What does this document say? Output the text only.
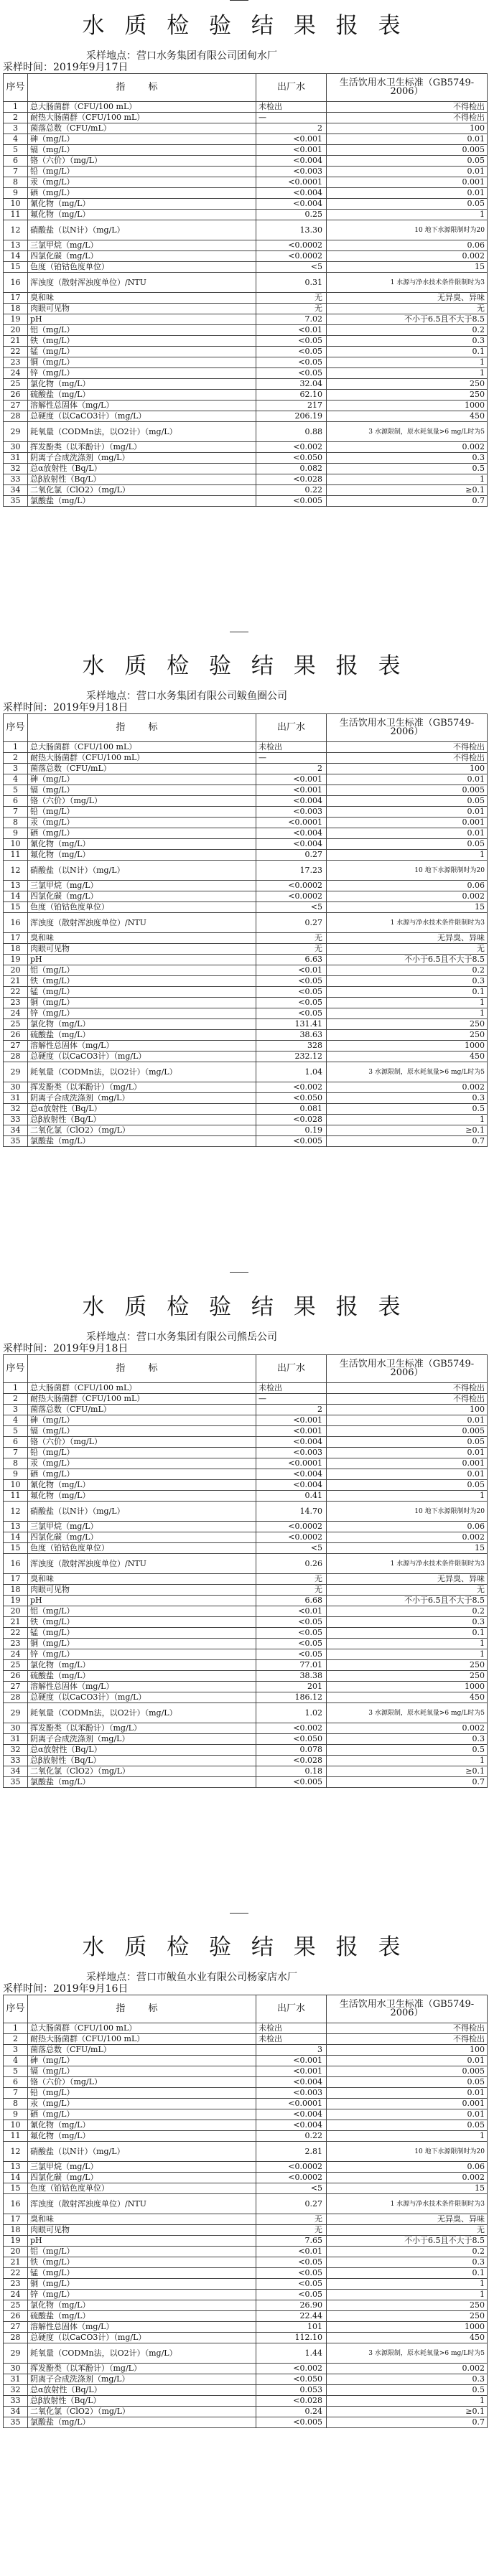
水 质 检 验 结 果 报 表
采样地点：营口水务集团有限公司团甸水厂
采样时间：2019年9月17日
序号	指 标	出厂水	生活饮用水卫生标准（GB5749-2006）
1	总大肠菌群（CFU/100 mL）	未检出	不得检出
2	耐热大肠菌群（CFU/100 mL）	—	不得检出
3	菌落总数（CFU/mL）	2	100
4	砷（mg/L）	<0.001	0.01
5	镉（mg/L）	<0.001	0.005
6	铬（六价）（mg/L）	<0.004	0.05
7	铅（mg/L）	<0.003	0.01
8	汞（mg/L）	<0.0001	0.001
9	硒（mg/L）	<0.004	0.01
10	氰化物（mg/L）	<0.004	0.05
11	氟化物（mg/L）	0.25	1
12	硝酸盐（以N计）（mg/L）	13.30	10 地下水源限制时为20
13	三氯甲烷（mg/L）	<0.0002	0.06
14	四氯化碳（mg/L）	<0.0002	0.002
15	色度（铂钴色度单位）	<5	15
16	浑浊度（散射浑浊度单位）/NTU	0.31	1 水源与净水技术条件限制时为3
17	臭和味	无	无异臭、异味
18	肉眼可见物	无	无
19	pH	7.02	不小于6.5且不大于8.5
20	铝（mg/L）	<0.01	0.2
21	铁（mg/L）	<0.05	0.3
22	锰（mg/L）	<0.05	0.1
23	铜（mg/L）	<0.05	1
24	锌（mg/L）	<0.05	1
25	氯化物（mg/L）	32.04	250
26	硫酸盐（mg/L）	62.10	250
27	溶解性总固体（mg/L）	217	1000
28	总硬度（以CaCO3计）（mg/L）	206.19	450
29	耗氧量（CODMn法，以O2计）（mg/L）	0.88	3 水源限制，原水耗氧量>6 mg/L时为5
30	挥发酚类（以苯酚计）（mg/L）	<0.002	0.002
31	阴离子合成洗涤剂（mg/L）	<0.050	0.3
32	总α放射性（Bq/L）	0.082	0.5
33	总β放射性（Bq/L）	<0.028	1
34	二氧化氯（ClO2）（mg/L）	0.22	≥0.1
35	氯酸盐（mg/L）	<0.005	0.7
水 质 检 验 结 果 报 表
采样地点：营口水务集团有限公司鲅鱼圈公司
采样时间：2019年9月18日
序号	指 标	出厂水	生活饮用水卫生标准（GB5749-2006）
1	总大肠菌群（CFU/100 mL）	未检出	不得检出
2	耐热大肠菌群（CFU/100 mL）	—	不得检出
3	菌落总数（CFU/mL）	2	100
4	砷（mg/L）	<0.001	0.01
5	镉（mg/L）	<0.001	0.005
6	铬（六价）（mg/L）	<0.004	0.05
7	铅（mg/L）	<0.003	0.01
8	汞（mg/L）	<0.0001	0.001
9	硒（mg/L）	<0.004	0.01
10	氰化物（mg/L）	<0.004	0.05
11	氟化物（mg/L）	0.27	1
12	硝酸盐（以N计）（mg/L）	17.23	10 地下水源限制时为20
13	三氯甲烷（mg/L）	<0.0002	0.06
14	四氯化碳（mg/L）	<0.0002	0.002
15	色度（铂钴色度单位）	<5	15
16	浑浊度（散射浑浊度单位）/NTU	0.27	1 水源与净水技术条件限制时为3
17	臭和味	无	无异臭、异味
18	肉眼可见物	无	无
19	pH	6.63	不小于6.5且不大于8.5
20	铝（mg/L）	<0.01	0.2
21	铁（mg/L）	<0.05	0.3
22	锰（mg/L）	<0.05	0.1
23	铜（mg/L）	<0.05	1
24	锌（mg/L）	<0.05	1
25	氯化物（mg/L）	131.41	250
26	硫酸盐（mg/L）	38.63	250
27	溶解性总固体（mg/L）	328	1000
28	总硬度（以CaCO3计）（mg/L）	232.12	450
29	耗氧量（CODMn法，以O2计）（mg/L）	1.04	3 水源限制，原水耗氧量>6 mg/L时为5
30	挥发酚类（以苯酚计）（mg/L）	<0.002	0.002
31	阴离子合成洗涤剂（mg/L）	<0.050	0.3
32	总α放射性（Bq/L）	0.081	0.5
33	总β放射性（Bq/L）	<0.028	1
34	二氧化氯（ClO2）（mg/L）	0.19	≥0.1
35	氯酸盐（mg/L）	<0.005	0.7
水 质 检 验 结 果 报 表
采样地点：营口水务集团有限公司熊岳公司
采样时间：2019年9月18日
序号	指 标	出厂水	生活饮用水卫生标准（GB5749-2006）
1	总大肠菌群（CFU/100 mL）	未检出	不得检出
2	耐热大肠菌群（CFU/100 mL）	—	不得检出
3	菌落总数（CFU/mL）	2	100
4	砷（mg/L）	<0.001	0.01
5	镉（mg/L）	<0.001	0.005
6	铬（六价）（mg/L）	<0.004	0.05
7	铅（mg/L）	<0.003	0.01
8	汞（mg/L）	<0.0001	0.001
9	硒（mg/L）	<0.004	0.01
10	氰化物（mg/L）	<0.004	0.05
11	氟化物（mg/L）	0.41	1
12	硝酸盐（以N计）（mg/L）	14.70	10 地下水源限制时为20
13	三氯甲烷（mg/L）	<0.0002	0.06
14	四氯化碳（mg/L）	<0.0002	0.002
15	色度（铂钴色度单位）	<5	15
16	浑浊度（散射浑浊度单位）/NTU	0.26	1 水源与净水技术条件限制时为3
17	臭和味	无	无异臭、异味
18	肉眼可见物	无	无
19	pH	6.68	不小于6.5且不大于8.5
20	铝（mg/L）	<0.01	0.2
21	铁（mg/L）	<0.05	0.3
22	锰（mg/L）	<0.05	0.1
23	铜（mg/L）	<0.05	1
24	锌（mg/L）	<0.05	1
25	氯化物（mg/L）	77.01	250
26	硫酸盐（mg/L）	38.38	250
27	溶解性总固体（mg/L）	201	1000
28	总硬度（以CaCO3计）（mg/L）	186.12	450
29	耗氧量（CODMn法，以O2计）（mg/L）	1.02	3 水源限制，原水耗氧量>6 mg/L时为5
30	挥发酚类（以苯酚计）（mg/L）	<0.002	0.002
31	阴离子合成洗涤剂（mg/L）	<0.050	0.3
32	总α放射性（Bq/L）	0.078	0.5
33	总β放射性（Bq/L）	<0.028	1
34	二氧化氯（ClO2）（mg/L）	0.18	≥0.1
35	氯酸盐（mg/L）	<0.005	0.7
水 质 检 验 结 果 报 表
采样地点：营口市鲅鱼水业有限公司杨家店水厂
采样时间：2019年9月16日
序号	指 标	出厂水	生活饮用水卫生标准（GB5749-2006）
1	总大肠菌群（CFU/100 mL）	未检出	不得检出
2	耐热大肠菌群（CFU/100 mL）	未检出	不得检出
3	菌落总数（CFU/mL）	3	100
4	砷（mg/L）	<0.001	0.01
5	镉（mg/L）	<0.001	0.005
6	铬（六价）（mg/L）	<0.004	0.05
7	铅（mg/L）	<0.003	0.01
8	汞（mg/L）	<0.0001	0.001
9	硒（mg/L）	<0.004	0.01
10	氰化物（mg/L）	<0.004	0.05
11	氟化物（mg/L）	0.22	1
12	硝酸盐（以N计）（mg/L）	2.81	10 地下水源限制时为20
13	三氯甲烷（mg/L）	<0.0002	0.06
14	四氯化碳（mg/L）	<0.0002	0.002
15	色度（铂钴色度单位）	<5	15
16	浑浊度（散射浑浊度单位）/NTU	0.27	1 水源与净水技术条件限制时为3
17	臭和味	无	无异臭、异味
18	肉眼可见物	无	无
19	pH	7.65	不小于6.5且不大于8.5
20	铝（mg/L）	<0.01	0.2
21	铁（mg/L）	<0.05	0.3
22	锰（mg/L）	<0.05	0.1
23	铜（mg/L）	<0.05	1
24	锌（mg/L）	<0.05	1
25	氯化物（mg/L）	26.90	250
26	硫酸盐（mg/L）	22.44	250
27	溶解性总固体（mg/L）	101	1000
28	总硬度（以CaCO3计）（mg/L）	112.10	450
29	耗氧量（CODMn法，以O2计）（mg/L）	1.44	3 水源限制，原水耗氧量>6 mg/L时为5
30	挥发酚类（以苯酚计）（mg/L）	<0.002	0.002
31	阴离子合成洗涤剂（mg/L）	<0.050	0.3
32	总α放射性（Bq/L）	0.053	0.5
33	总β放射性（Bq/L）	<0.028	1
34	二氧化氯（ClO2）（mg/L）	0.24	≥0.1
35	氯酸盐（mg/L）	<0.005	0.7
